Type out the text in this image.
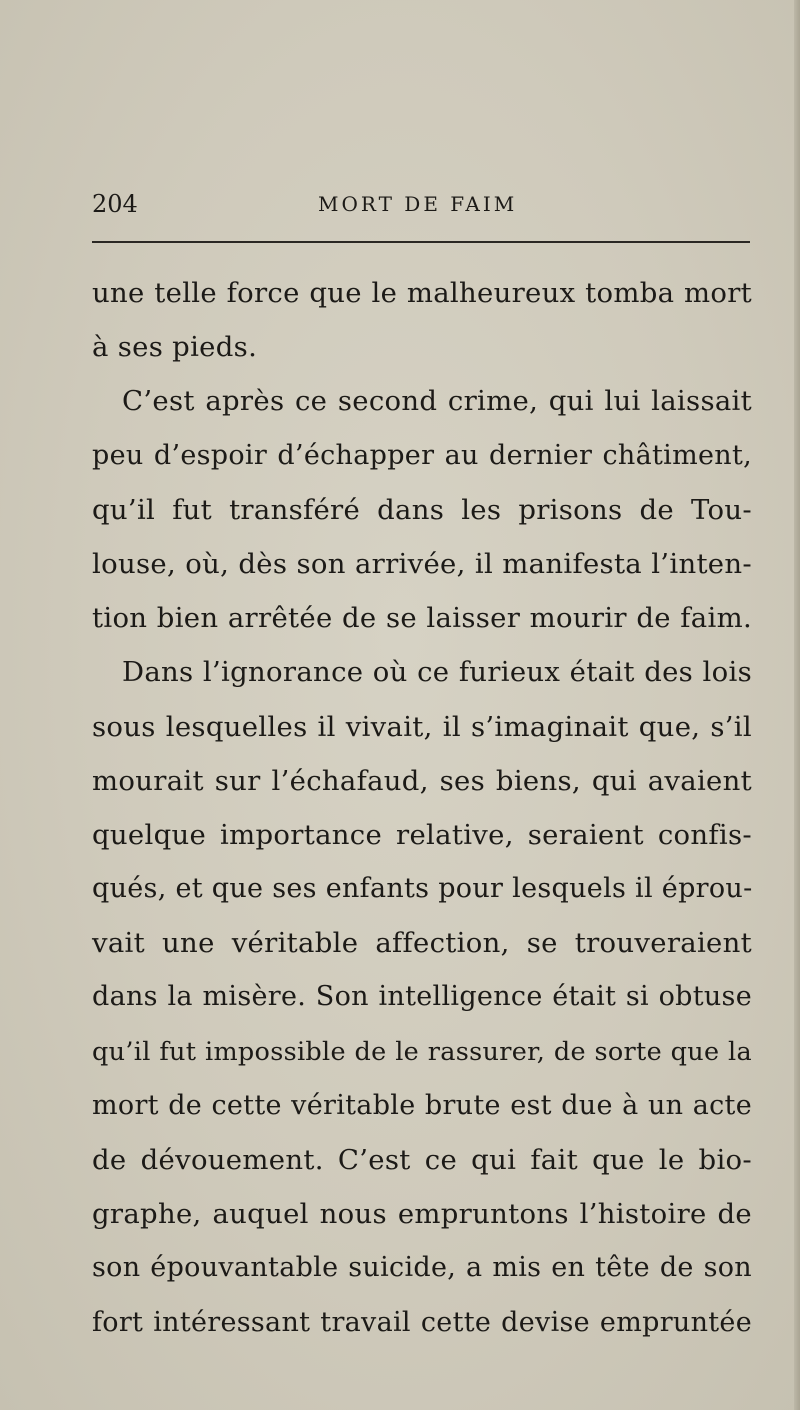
204	MORT DE FAIM
une telle force que le malheureux tomba mort
à ses pieds.
C’est après ce second crime, qui lui laissait
peu d’espoir d’échapper au dernier châtiment,
qu’il fut transféré dans les prisons de Tou-
louse, où, dès son arrivée, il manifesta l’inten-
tion bien arrêtée de se laisser mourir de faim.
Dans l’ignorance où ce furieux était des lois
sous lesquelles il vivait, il s’imaginait que, s’il
mourait sur l’échafaud, ses biens, qui avaient
quelque importance relative, seraient confis-
qués, et que ses enfants pour lesquels il éprou-
vait une véritable affection, se trouveraient
dans la misère. Son intelligence était si obtuse
qu’il fut impossible de le rassurer, de sorte que la
mort de cette véritable brute est due à un acte
de dévouement. C’est ce qui fait que le bio-
graphe, auquel nous empruntons l’histoire de
son épouvantable suicide, a mis en tête de son
fort intéressant travail cette devise empruntée
